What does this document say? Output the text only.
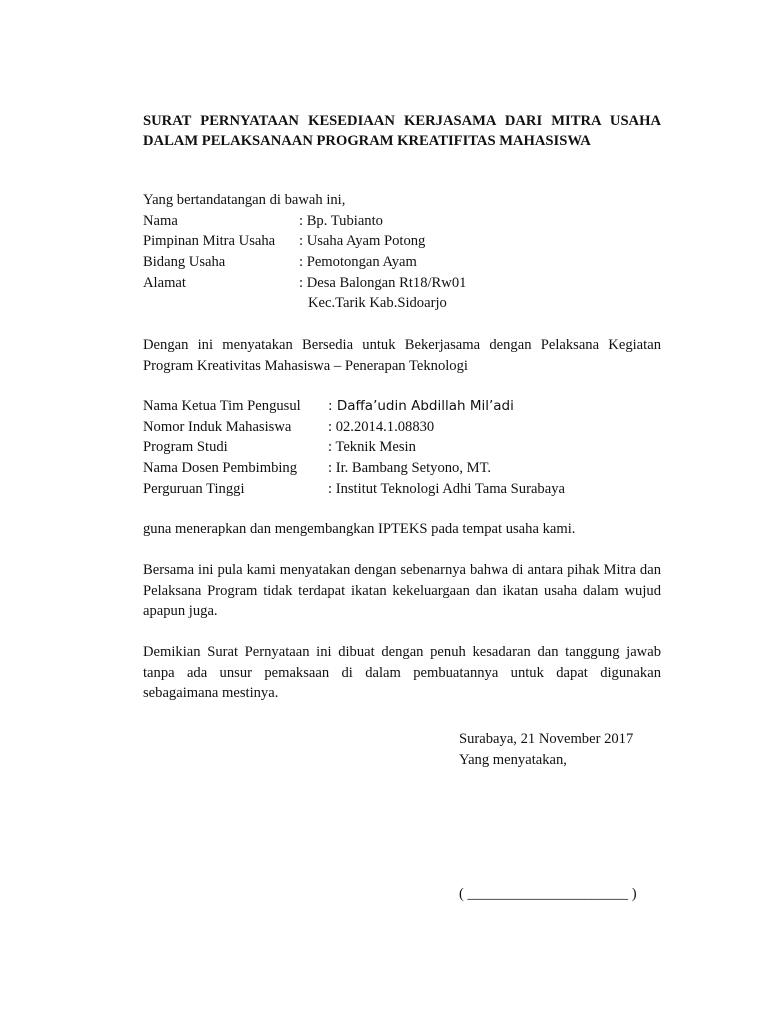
SURAT PERNYATAAN KESEDIAAN KERJASAMA DARI MITRA USAHA
DALAM PELAKSANAAN PROGRAM KREATIFITAS MAHASISWA
Yang bertandatangan di bawah ini,
Nama	: Bp. Tubianto
Pimpinan Mitra Usaha : Usaha Ayam Potong
Bidang Usaha	: Pemotongan Ayam
Alamat	: Desa Balongan Rt18/Rw01
Kec.Tarik Kab.Sidoarjo
Dengan ini menyatakan Bersedia untuk Bekerjasama dengan Pelaksana Kegiatan Program Kreativitas Mahasiswa – Penerapan Teknologi
Nama Ketua Tim Pengusul : Daffa’udin Abdillah Mil’adi
Nomor Induk Mahasiswa	: 02.2014.1.08830
Program Studi	: Teknik Mesin
Nama Dosen Pembimbing : Ir. Bambang Setyono, MT.
Perguruan Tinggi	: Institut Teknologi Adhi Tama Surabaya
guna menerapkan dan mengembangkan IPTEKS pada tempat usaha kami.
Bersama ini pula kami menyatakan dengan sebenarnya bahwa di antara pihak Mitra dan Pelaksana Program tidak terdapat ikatan kekeluargaan dan ikatan usaha dalam wujud apapun juga.
Demikian Surat Pernyataan ini dibuat dengan penuh kesadaran dan tanggung jawab tanpa ada unsur pemaksaan di dalam pembuatannya untuk dapat digunakan sebagaimana mestinya.
Surabaya, 21 November 2017
Yang menyatakan,
( ______________________ )
